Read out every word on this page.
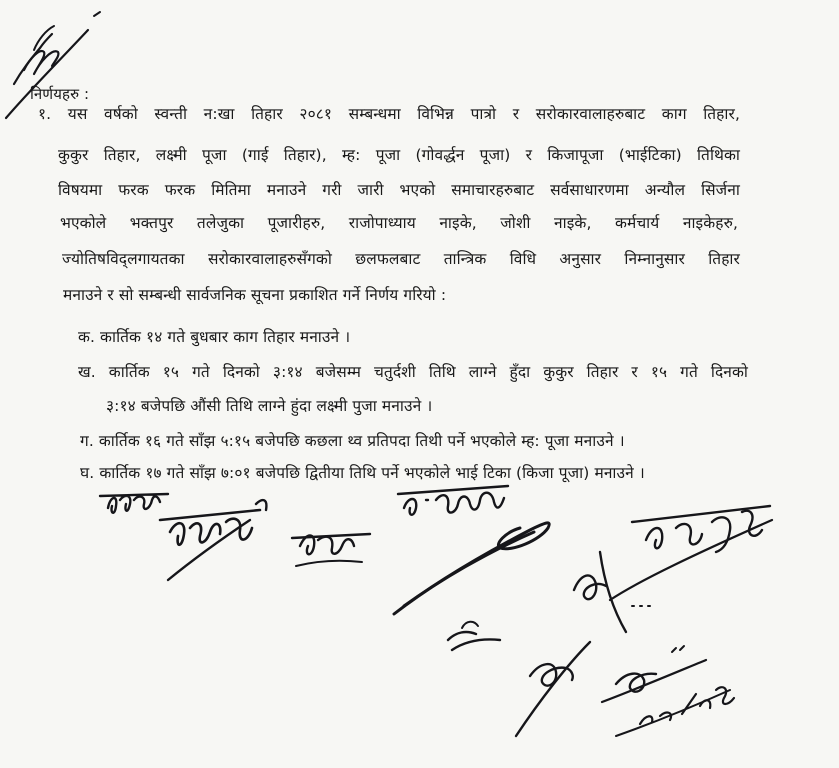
निर्णयहरु :
१. यस वर्षको स्वन्ती न:खा तिहार २०८१ सम्बन्धमा विभिन्न पात्रो र सरोकारवालाहरुबाट काग तिहार,
कुकुर तिहार, लक्ष्मी पूजा (गाई तिहार), म्ह: पूजा (गोवर्द्धन पूजा) र किजापूजा (भाईटिका) तिथिका
विषयमा फरक फरक मितिमा मनाउने गरी जारी भएको समाचारहरुबाट सर्वसाधारणमा अन्यौल सिर्जना
भएकोले भक्तपुर तलेजुका पूजारीहरु, राजोपाध्याय नाइके, जोशी नाइके, कर्मचार्य नाइकेहरु,
ज्योतिषविद्लगायतका सरोकारवालाहरुसँगको छलफलबाट तान्त्रिक विधि अनुसार निम्नानुसार तिहार
मनाउने र सो सम्बन्धी सार्वजनिक सूचना प्रकाशित गर्ने निर्णय गरियो :
क. कार्तिक १४ गते बुधबार काग तिहार मनाउने ।
ख. कार्तिक १५ गते दिनको ३:१४ बजेसम्म चतुर्दशी तिथि लाग्ने हुँदा कुकुर तिहार र १५ गते दिनको
३:१४ बजेपछि औंसी तिथि लाग्ने हुंदा लक्ष्मी पुजा मनाउने ।
ग. कार्तिक १६ गते साँझ ५:१५ बजेपछि कछला थ्व प्रतिपदा तिथी पर्ने भएकोले म्ह: पूजा मनाउने ।
घ. कार्तिक १७ गते साँझ ७:०१ बजेपछि द्वितीया तिथि पर्ने भएकोले भाई टिका (किजा पूजा) मनाउने ।
